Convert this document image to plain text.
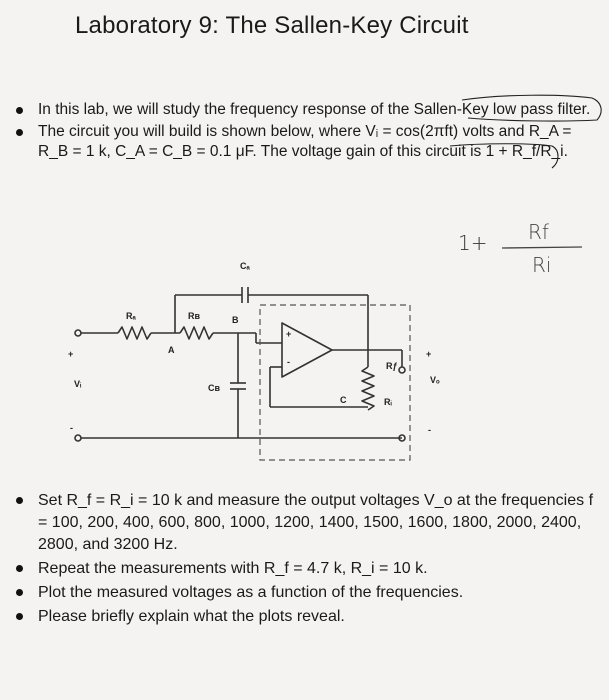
Laboratory 9: The Sallen-Key Circuit
In this lab, we will study the frequency response of the Sallen-Key low pass filter.
The circuit you will build is shown below, where Vᵢ = cos(2πft) volts and R_A = R_B = 1 k, C_A = C_B = 0.1 μF. The voltage gain of this circuit is 1 + R_f/R_i.
1+ Rf
Ri
Rₐ	Rʙ	B
A
Cₐ
Cʙ
Rƒ
Rᵢ
C
Vᵢ	Vₒ
+
-
+
-
+
-
Set R_f = R_i = 10 k and measure the output voltages V_o at the frequencies f = 100, 200, 400, 600, 800, 1000, 1200, 1400, 1500, 1600, 1800, 2000, 2400, 2800, and 3200 Hz.
Repeat the measurements with R_f = 4.7 k, R_i = 10 k.
Plot the measured voltages as a function of the frequencies.
Please briefly explain what the plots reveal.
